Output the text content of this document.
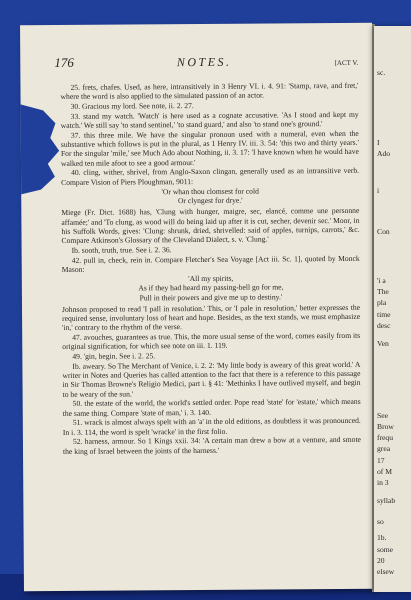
176	NOTES.	[ACT V.

25. frets, chafes. Used, as here, intransitively in 3 Henry VI. i. 4. 91: 'Stamp, rave, and fret,' where the word is also applied to the simulated passion of an actor.

30. Gracious my lord. See note, ii. 2. 27.

33. stand my watch. 'Watch' is here used as a cognate accusative. 'As I stood and kept my watch.' We still say 'to stand sentinel,' 'to stand guard,' and also 'to stand one's ground.'

37. this three mile. We have the singular pronoun used with a numeral, even when the substantive which follows is put in the plural, as 1 Henry IV. iii. 3. 54: 'this two and thirty years.' For the singular 'mile,' see Much Ado about Nothing, ii. 3. 17: 'I have known when he would have walked ten mile afoot to see a good armour.'

40. cling, wither, shrivel, from Anglo-Saxon clingan, generally used as an intransitive verb. Compare Vision of Piers Ploughman, 9011:

'Or whan thou clomsest for cold
Or clyngest for drye.'

Miege (Fr. Dict. 1688) has, 'Clung with hunger, maigre, sec, elancé, comme une personne affamée;' and 'To clung, as wood will do being laid up after it is cut, secher, devenir sec.' Moor, in his Suffolk Words, gives: 'Clung: shrunk, dried, shrivelled: said of apples, turnips, carrots,' &c. Compare Atkinson's Glossary of the Cleveland Dialect, s. v. 'Clung.'

Ib. sooth, truth, true. See i. 2. 36.

42. pull in, check, rein in. Compare Fletcher's Sea Voyage [Act iii. Sc. 1], quoted by Monck Mason:

'All my spirits,
As if they had heard my passing-bell go for me,
Pull in their powers and give me up to destiny.'

Johnson proposed to read 'I pall in resolution.' This, or 'I pale in resolution,' better expresses the required sense, involuntary loss of heart and hope. Besides, as the text stands, we must emphasize 'in,' contrary to the rhythm of the verse.

47. avouches, guarantees as true. This, the more usual sense of the word, comes easily from its original signification, for which see note on iii. 1. 119.

49. 'gin, begin. See i. 2. 25.

Ib. aweary. So The Merchant of Venice, i. 2. 2: 'My little body is aweary of this great world.' A writer in Notes and Queries has called attention to the fact that there is a reference to this passage in Sir Thomas Browne's Religio Medici, part i. § 41: 'Methinks I have outlived myself, and begin to be weary of the sun.'

50. the estate of the world, the world's settled order. Pope read 'state' for 'estate,' which means the same thing. Compare 'state of man,' i. 3. 140.

51. wrack is almost always spelt with an 'a' in the old editions, as doubtless it was pronounced. In i. 3. 114, the word is spelt 'wracke' in the first folio.

52. harness, armour. So 1 Kings xxii. 34: 'A certain man drew a bow at a venture, and smote the king of Israel between the joints of the harness.'

sc.
I
Ado
i
Con
'i a
The
pla
time
desc
Ven
See
Brow
frequ
grea
17
of M
in 3
syllab
so
1b.
some
20
elsew
